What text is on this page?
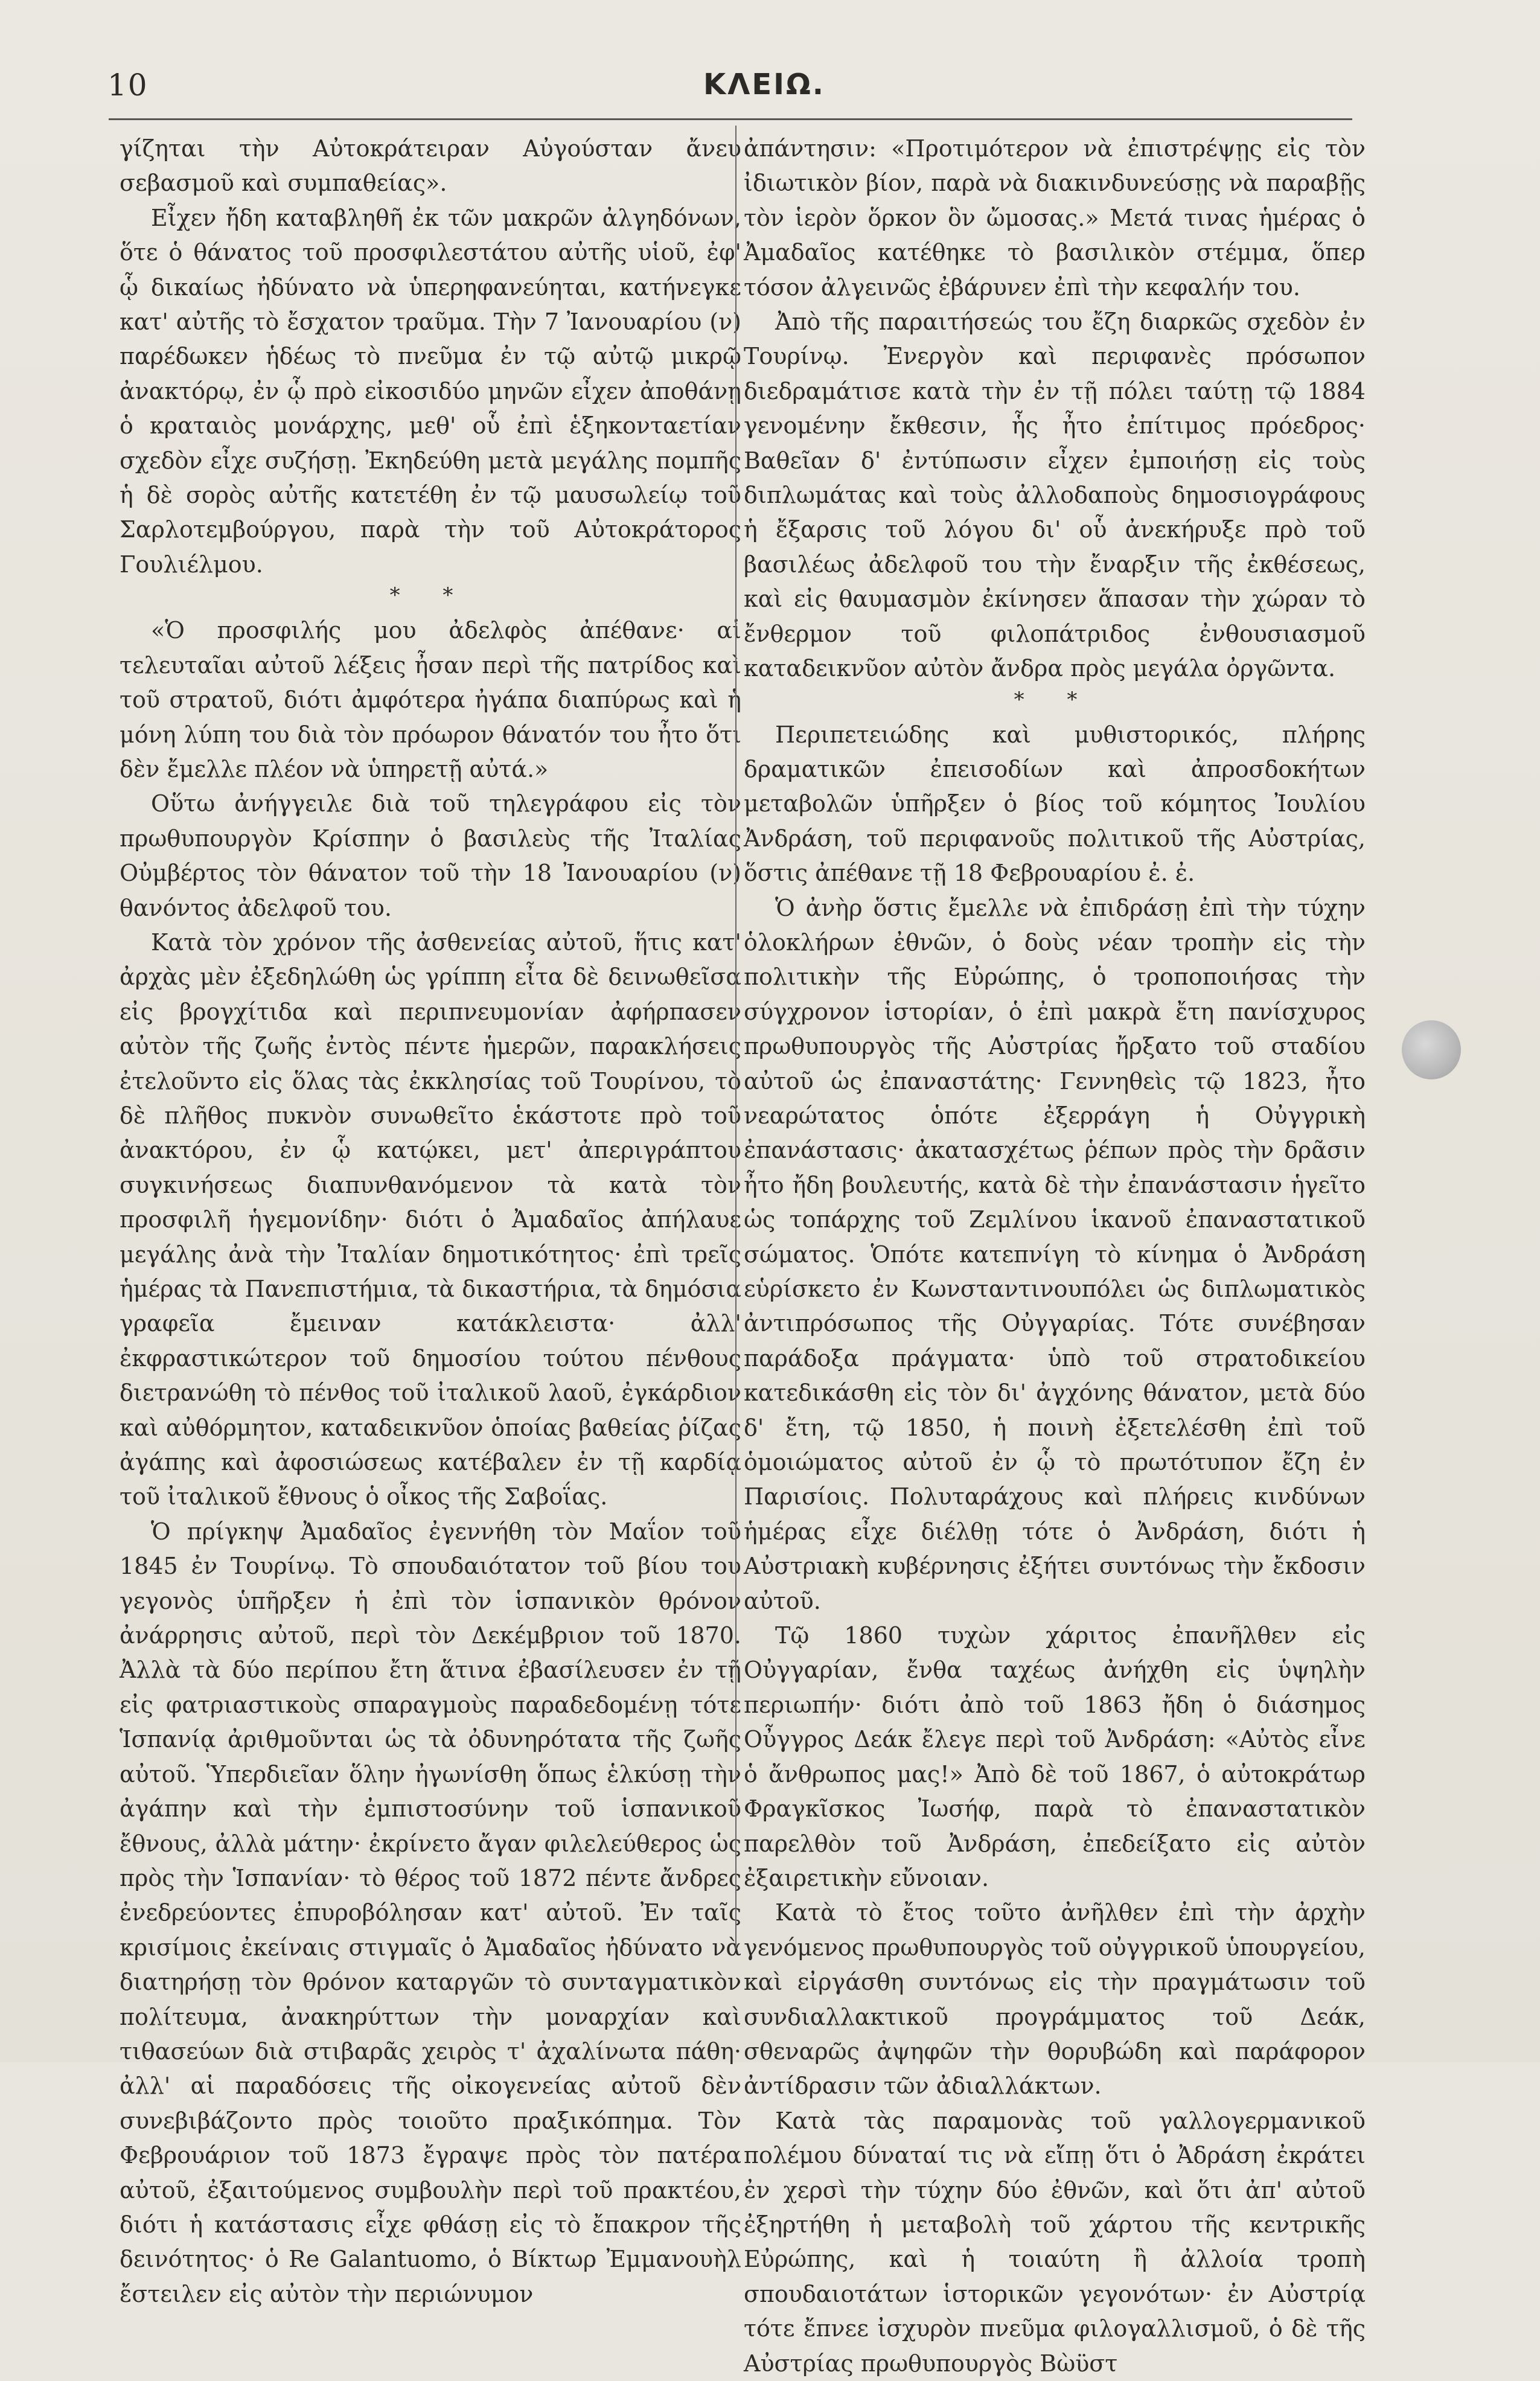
10	ΚΛΕΙΩ.

γίζηται τὴν Αὐτοκράτειραν Αὐγούσταν ἄνευ σεβασμοῦ καὶ συμπαθείας».

Εἶχεν ἤδη καταβληθῆ ἐκ τῶν μακρῶν ἀλγηδόνων, ὅτε ὁ θάνατος τοῦ προσφιλεστάτου αὐτῆς υἱοῦ, ἐφ' ᾧ δικαίως ἠδύνατο νὰ ὑπερηφανεύηται, κατήνεγκε κατ' αὐτῆς τὸ ἔσχατον τραῦμα. Τὴν 7 Ἰανουαρίου (ν) παρέδωκεν ἡδέως τὸ πνεῦμα ἐν τῷ αὐτῷ μικρῷ ἀνακτόρῳ, ἐν ᾧ πρὸ εἰκοσιδύο μηνῶν εἶχεν ἀποθάνῃ ὁ κραταιὸς μονάρχης, μεθ' οὗ ἐπὶ ἑξηκονταετίαν σχεδὸν εἶχε συζήσῃ. Ἐκηδεύθη μετὰ μεγάλης πομπῆς ἡ δὲ σορὸς αὐτῆς κατετέθη ἐν τῷ μαυσωλείῳ τοῦ Σαρλοτεμβούργου, παρὰ τὴν τοῦ Αὐτοκράτορος Γουλιέλμου.

* *

«Ὁ προσφιλής μου ἀδελφὸς ἀπέθανε· αἱ τελευταῖαι αὐτοῦ λέξεις ἦσαν περὶ τῆς πατρίδος καὶ τοῦ στρατοῦ, διότι ἀμφότερα ἠγάπα διαπύρως καὶ ἡ μόνη λύπη του διὰ τὸν πρόωρον θάνατόν του ἦτο ὅτι δὲν ἔμελλε πλέον νὰ ὑπηρετῇ αὐτά.»

Οὕτω ἀνήγγειλε διὰ τοῦ τηλεγράφου εἰς τὸν πρωθυπουργὸν Κρίσπην ὁ βασιλεὺς τῆς Ἰταλίας Οὐμβέρτος τὸν θάνατον τοῦ τὴν 18 Ἰανουαρίου (ν) θανόντος ἀδελφοῦ του.

Κατὰ τὸν χρόνον τῆς ἀσθενείας αὐτοῦ, ἥτις κατ' ἀρχὰς μὲν ἐξεδηλώθη ὡς γρίππη εἶτα δὲ δεινωθεῖσα εἰς βρογχίτιδα καὶ περιπνευμονίαν ἀφήρπασεν αὐτὸν τῆς ζωῆς ἐντὸς πέντε ἡμερῶν, παρακλήσεις ἐτελοῦντο εἰς ὅλας τὰς ἐκκλησίας τοῦ Τουρίνου, τὸ δὲ πλῆθος πυκνὸν συνωθεῖτο ἑκάστοτε πρὸ τοῦ ἀνακτόρου, ἐν ᾧ κατῴκει, μετ' ἀπεριγράπτου συγκινήσεως διαπυνθανόμενον τὰ κατὰ τὸν προσφιλῆ ἡγεμονίδην· διότι ὁ Ἀμαδαῖος ἀπήλαυε μεγάλης ἀνὰ τὴν Ἰταλίαν δημοτικότητος· ἐπὶ τρεῖς ἡμέρας τὰ Πανεπιστήμια, τὰ δικαστήρια, τὰ δημόσια γραφεῖα ἔμειναν κατάκλειστα· ἀλλ' ἐκφραστικώτερον τοῦ δημοσίου τούτου πένθους διετρανώθη τὸ πένθος τοῦ ἰταλικοῦ λαοῦ, ἐγκάρδιον καὶ αὐθόρμητον, καταδεικνῦον ὁποίας βαθείας ῥίζας ἀγάπης καὶ ἀφοσιώσεως κατέβαλεν ἐν τῇ καρδίᾳ τοῦ ἰταλικοῦ ἔθνους ὁ οἶκος τῆς Σαβοΐας.

Ὁ πρίγκηψ Ἀμαδαῖος ἐγεννήθη τὸν Μαΐον τοῦ 1845 ἐν Τουρίνῳ. Τὸ σπουδαιότατον τοῦ βίου του γεγονὸς ὑπῆρξεν ἡ ἐπὶ τὸν ἱσπανικὸν θρόνον ἀνάρρησις αὐτοῦ, περὶ τὸν Δεκέμβριον τοῦ 1870. Ἀλλὰ τὰ δύο περίπου ἔτη ἅτινα ἐβασίλευσεν ἐν τῇ εἰς φατριαστικοὺς σπαραγμοὺς παραδεδομένῃ τότε Ἱσπανίᾳ ἀριθμοῦνται ὡς τὰ ὀδυνηρότατα τῆς ζωῆς αὐτοῦ. Ὑπερδιεῖαν ὅλην ἠγωνίσθη ὅπως ἑλκύσῃ τὴν ἀγάπην καὶ τὴν ἐμπιστοσύνην τοῦ ἱσπανικοῦ ἔθνους, ἀλλὰ μάτην· ἐκρίνετο ἄγαν φιλελεύθερος ὡς πρὸς τὴν Ἱσπανίαν· τὸ θέρος τοῦ 1872 πέντε ἄνδρες ἐνεδρεύοντες ἐπυροβόλησαν κατ' αὐτοῦ. Ἐν ταῖς κρισίμοις ἐκείναις στιγμαῖς ὁ Ἀμαδαῖος ἠδύνατο νὰ διατηρήσῃ τὸν θρόνον καταργῶν τὸ συνταγματικὸν πολίτευμα, ἀνακηρύττων τὴν μοναρχίαν καὶ τιθασεύων διὰ στιβαρᾶς χειρὸς τ' ἀχαλίνωτα πάθη· ἀλλ' αἱ παραδόσεις τῆς οἰκογενείας αὐτοῦ δὲν συνεβιβάζοντο πρὸς τοιοῦτο πραξικόπημα. Τὸν Φεβρουάριον τοῦ 1873 ἔγραψε πρὸς τὸν πατέρα αὐτοῦ, ἐξαιτούμενος συμβουλὴν περὶ τοῦ πρακτέου, διότι ἡ κατάστασις εἶχε φθάσῃ εἰς τὸ ἔπακρον τῆς δεινότητος· ὁ Re Galantuomo, ὁ Βίκτωρ Ἐμμανουὴλ ἔστειλεν εἰς αὐτὸν τὴν περιώνυμον

ἀπάντησιν: «Προτιμότερον νὰ ἐπιστρέψῃς εἰς τὸν ἰδιωτικὸν βίον, παρὰ νὰ διακινδυνεύσῃς νὰ παραβῇς τὸν ἱερὸν ὅρκον ὃν ὤμοσας.» Μετά τινας ἡμέρας ὁ Ἀμαδαῖος κατέθηκε τὸ βασιλικὸν στέμμα, ὅπερ τόσον ἀλγεινῶς ἐβάρυνεν ἐπὶ τὴν κεφαλήν του.

Ἀπὸ τῆς παραιτήσεώς του ἔζη διαρκῶς σχεδὸν ἐν Τουρίνῳ. Ἐνεργὸν καὶ περιφανὲς πρόσωπον διεδραμάτισε κατὰ τὴν ἐν τῇ πόλει ταύτῃ τῷ 1884 γενομένην ἔκθεσιν, ἧς ἦτο ἐπίτιμος πρόεδρος· Βαθεῖαν δ' ἐντύπωσιν εἶχεν ἐμποιήσῃ εἰς τοὺς διπλωμάτας καὶ τοὺς ἀλλοδαποὺς δημοσιογράφους ἡ ἔξαρσις τοῦ λόγου δι' οὗ ἀνεκήρυξε πρὸ τοῦ βασιλέως ἀδελφοῦ του τὴν ἔναρξιν τῆς ἐκθέσεως, καὶ εἰς θαυμασμὸν ἐκίνησεν ἅπασαν τὴν χώραν τὸ ἔνθερμον τοῦ φιλοπάτριδος ἐνθουσιασμοῦ καταδεικνῦον αὐτὸν ἄνδρα πρὸς μεγάλα ὀργῶντα.

* *

Περιπετειώδης καὶ μυθιστορικός, πλήρης δραματικῶν ἐπεισοδίων καὶ ἀπροσδοκήτων μεταβολῶν ὑπῆρξεν ὁ βίος τοῦ κόμητος Ἰουλίου Ἀνδράση, τοῦ περιφανοῦς πολιτικοῦ τῆς Αὐστρίας, ὅστις ἀπέθανε τῇ 18 Φεβρουαρίου ἐ. ἐ.

Ὁ ἀνὴρ ὅστις ἔμελλε νὰ ἐπιδράσῃ ἐπὶ τὴν τύχην ὁλοκλήρων ἐθνῶν, ὁ δοὺς νέαν τροπὴν εἰς τὴν πολιτικὴν τῆς Εὐρώπης, ὁ τροποποιήσας τὴν σύγχρονον ἱστορίαν, ὁ ἐπὶ μακρὰ ἔτη πανίσχυρος πρωθυπουργὸς τῆς Αὐστρίας ἤρξατο τοῦ σταδίου αὐτοῦ ὡς ἐπαναστάτης· Γεννηθεὶς τῷ 1823, ἦτο νεαρώτατος ὁπότε ἐξερράγη ἡ Οὐγγρικὴ ἐπανάστασις· ἀκατασχέτως ῥέπων πρὸς τὴν δρᾶσιν ἦτο ἤδη βουλευτής, κατὰ δὲ τὴν ἐπανάστασιν ἡγεῖτο ὡς τοπάρχης τοῦ Ζεμλίνου ἱκανοῦ ἐπαναστατικοῦ σώματος. Ὁπότε κατεπνίγη τὸ κίνημα ὁ Ἀνδράση εὑρίσκετο ἐν Κωνσταντινουπόλει ὡς διπλωματικὸς ἀντιπρόσωπος τῆς Οὐγγαρίας. Τότε συνέβησαν παράδοξα πράγματα· ὑπὸ τοῦ στρατοδικείου κατεδικάσθη εἰς τὸν δι' ἀγχόνης θάνατον, μετὰ δύο δ' ἔτη, τῷ 1850, ἡ ποινὴ ἐξετελέσθη ἐπὶ τοῦ ὁμοιώματος αὐτοῦ ἐν ᾧ τὸ πρωτότυπον ἔζη ἐν Παρισίοις. Πολυταράχους καὶ πλήρεις κινδύνων ἡμέρας εἶχε διέλθῃ τότε ὁ Ἀνδράση, διότι ἡ Αὐστριακὴ κυβέρνησις ἐξήτει συντόνως τὴν ἔκδοσιν αὐτοῦ.

Τῷ 1860 τυχὼν χάριτος ἐπανῆλθεν εἰς Οὐγγαρίαν, ἔνθα ταχέως ἀνήχθη εἰς ὑψηλὴν περιωπήν· διότι ἀπὸ τοῦ 1863 ἤδη ὁ διάσημος Οὖγγρος Δεάκ ἔλεγε περὶ τοῦ Ἀνδράση: «Αὐτὸς εἶνε ὁ ἄνθρωπος μας!» Ἀπὸ δὲ τοῦ 1867, ὁ αὐτοκράτωρ Φραγκῖσκος Ἰωσήφ, παρὰ τὸ ἐπαναστατικὸν παρελθὸν τοῦ Ἀνδράση, ἐπεδείξατο εἰς αὐτὸν ἐξαιρετικὴν εὔνοιαν.

Κατὰ τὸ ἔτος τοῦτο ἀνῆλθεν ἐπὶ τὴν ἀρχὴν γενόμενος πρωθυπουργὸς τοῦ οὐγγρικοῦ ὑπουργείου, καὶ εἰργάσθη συντόνως εἰς τὴν πραγμάτωσιν τοῦ συνδιαλλακτικοῦ προγράμματος τοῦ Δεάκ, σθεναρῶς ἀψηφῶν τὴν θορυβώδη καὶ παράφορον ἀντίδρασιν τῶν ἀδιαλλάκτων.

Κατὰ τὰς παραμονὰς τοῦ γαλλογερμανικοῦ πολέμου δύναταί τις νὰ εἴπῃ ὅτι ὁ Ἀδράση ἐκράτει ἐν χερσὶ τὴν τύχην δύο ἐθνῶν, καὶ ὅτι ἀπ' αὐτοῦ ἐξηρτήθη ἡ μεταβολὴ τοῦ χάρτου τῆς κεντρικῆς Εὐρώπης, καὶ ἡ τοιαύτη ἢ ἀλλοία τροπὴ σπουδαιοτάτων ἱστορικῶν γεγονότων· ἐν Αὐστρίᾳ τότε ἔπνεε ἰσχυρὸν πνεῦμα φιλογαλλισμοῦ, ὁ δὲ τῆς Αὐστρίας πρωθυπουργὸς Βὼϋστ
